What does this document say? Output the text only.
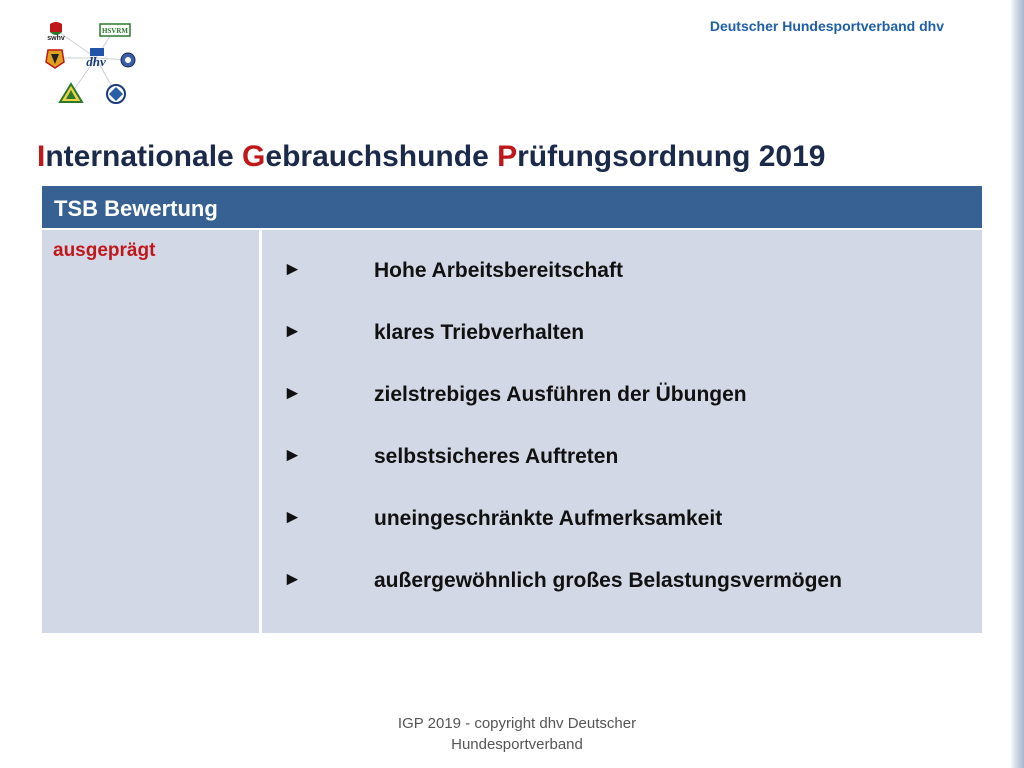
Deutscher Hundesportverband dhv
swhv
HSVRM
dhv
Internationale Gebrauchshunde Prüfungsordnung 2019
TSB Bewertung
ausgeprägt
►	Hohe Arbeitsbereitschaft
►	klares Triebverhalten
►	zielstrebiges Ausführen der Übungen
►	selbstsicheres Auftreten
►	uneingeschränkte Aufmerksamkeit
►	außergewöhnlich großes Belastungsvermögen
IGP 2019 - copyright dhv Deutscher
Hundesportverband
